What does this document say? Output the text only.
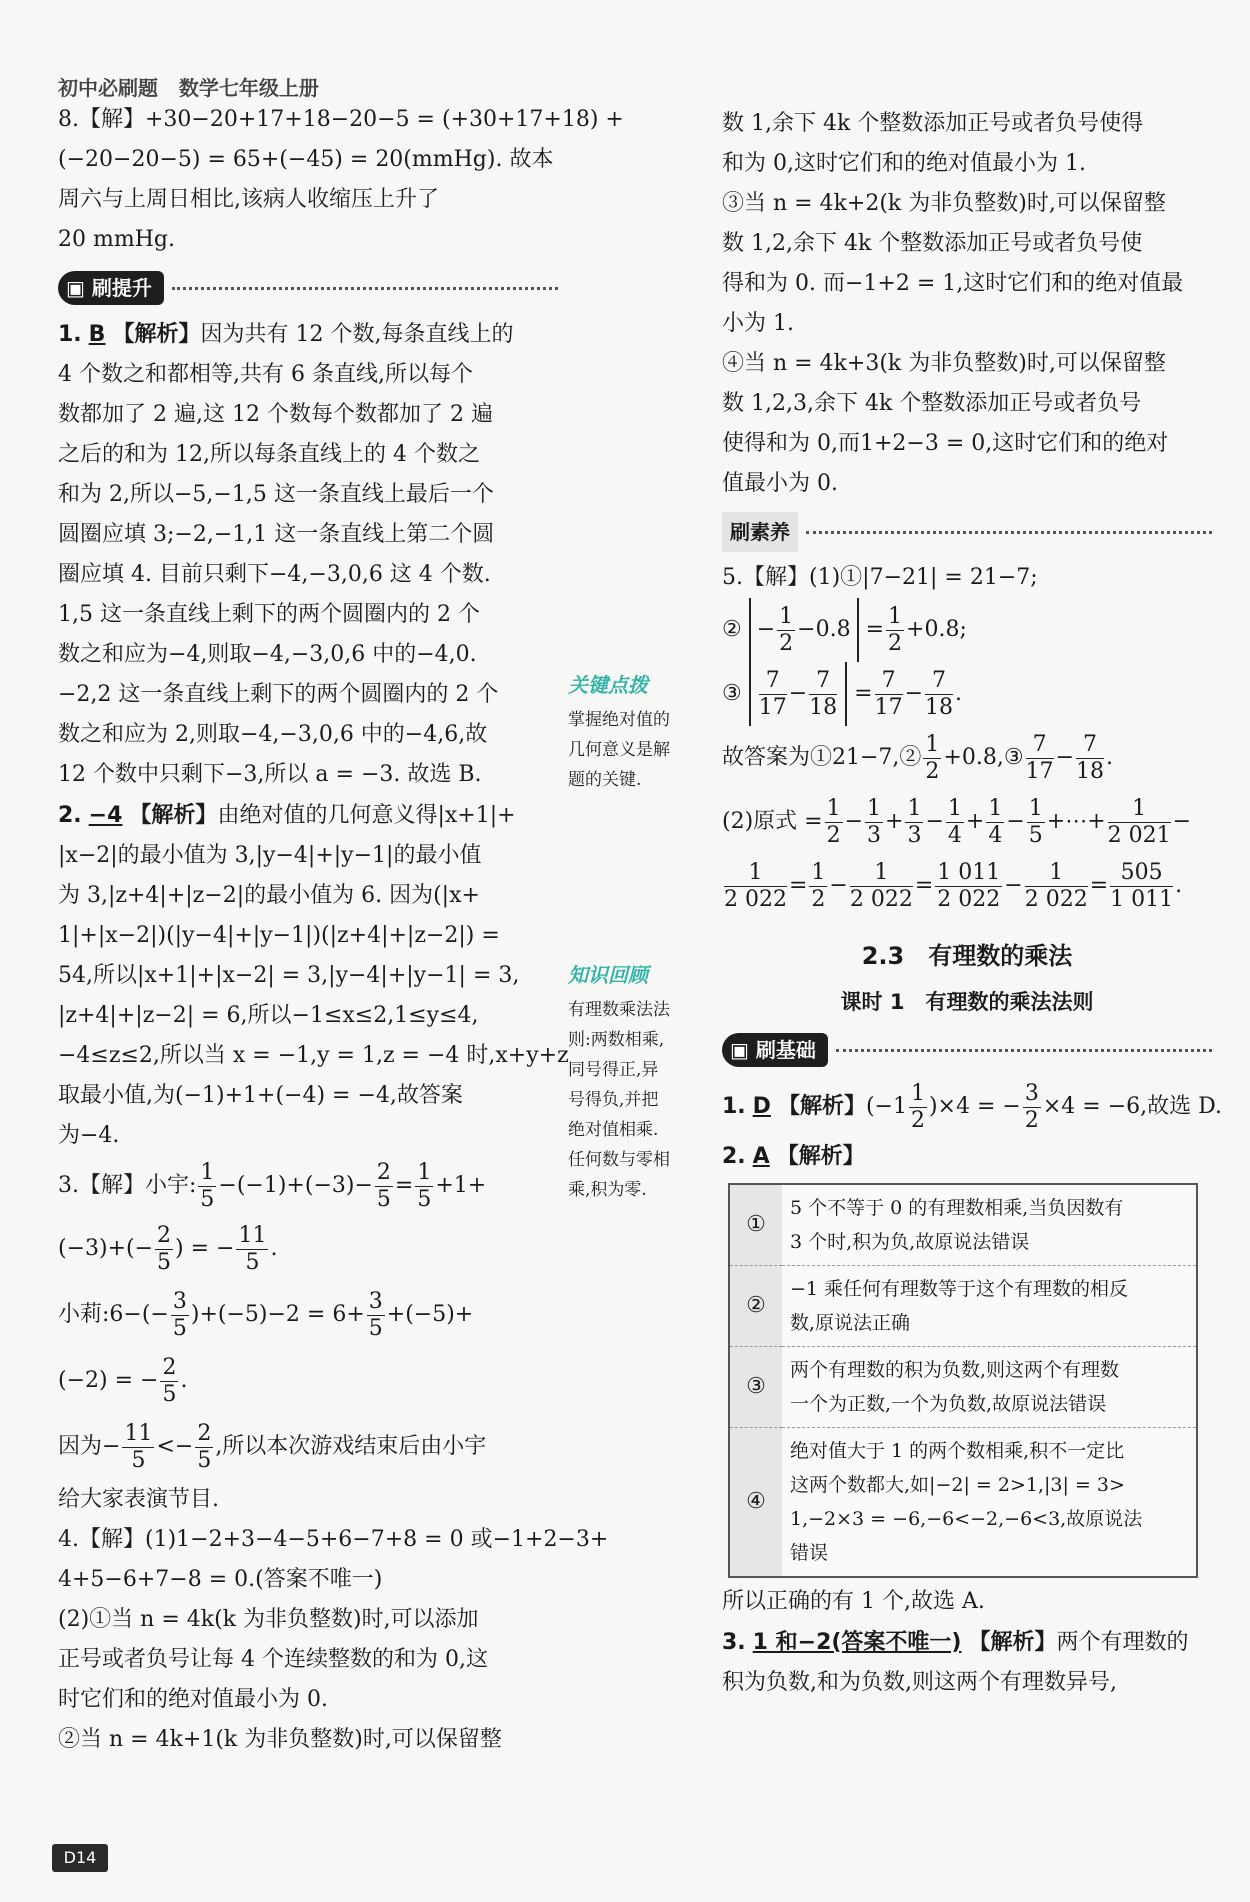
初中必刷题 数学七年级上册

8.【解】+30−20+17+18−20−5 = (+30+17+18) +

(−20−20−5) = 65+(−45) = 20(mmHg). 故本

周六与上周日相比,该病人收缩压上升了

20 mmHg.

▣ 刷提升

1. B 【解析】因为共有 12 个数,每条直线上的

4 个数之和都相等,共有 6 条直线,所以每个

数都加了 2 遍,这 12 个数每个数都加了 2 遍

之后的和为 12,所以每条直线上的 4 个数之

和为 2,所以−5,−1,5 这一条直线上最后一个

圆圈应填 3;−2,−1,1 这一条直线上第二个圆

圈应填 4. 目前只剩下−4,−3,0,6 这 4 个数.

1,5 这一条直线上剩下的两个圆圈内的 2 个

数之和应为−4,则取−4,−3,0,6 中的−4,0.

−2,2 这一条直线上剩下的两个圆圈内的 2 个

数之和应为 2,则取−4,−3,0,6 中的−4,6,故

12 个数中只剩下−3,所以 a = −3. 故选 B.

2. −4 【解析】由绝对值的几何意义得|x+1|+

|x−2|的最小值为 3,|y−4|+|y−1|的最小值

为 3,|z+4|+|z−2|的最小值为 6. 因为(|x+

1|+|x−2|)(|y−4|+|y−1|)(|z+4|+|z−2|) =

54,所以|x+1|+|x−2| = 3,|y−4|+|y−1| = 3,

|z+4|+|z−2| = 6,所以−1≤x≤2,1≤y≤4,

−4≤z≤2,所以当 x = −1,y = 1,z = −4 时,x+y+z

取最小值,为(−1)+1+(−4) = −4,故答案

为−4.

3.【解】小宇: $\frac{1}{5} -(-1)+(-3)- \frac{2}{5} = \frac{1}{5} +1+$

$(-3)+(- \frac{2}{5}$ ) = − $\frac{11}{5}$ .

小莉:6−(− $\frac{3}{5} )+(-5)-2 = 6+ \frac{3}{5} +(-5)+$

(−2) = − $\frac{2}{5}$ .

因为− $\frac{11}{5} <- \frac{2}{5}$ ,所以本次游戏结束后由小宇

给大家表演节目.

4.【解】(1)1−2+3−4−5+6−7+8 = 0 或−1+2−3+

4+5−6+7−8 = 0.(答案不唯一)

(2)①当 n = 4k(k 为非负整数)时,可以添加

正号或者负号让每 4 个连续整数的和为 0,这

时它们和的绝对值最小为 0.

②当 n = 4k+1(k 为非负整数)时,可以保留整

关键点拨
掌握绝对值的
几何意义是解
题的关键.
知识回顾
有理数乘法法
则:两数相乘,
同号得正,异
号得负,并把
绝对值相乘.
任何数与零相
乘,积为零.

数 1,余下 4k 个整数添加正号或者负号使得

和为 0,这时它们和的绝对值最小为 1.

③当 n = 4k+2(k 为非负整数)时,可以保留整

数 1,2,余下 4k 个整数添加正号或者负号使

得和为 0. 而−1+2 = 1,这时它们和的绝对值最

小为 1.

④当 n = 4k+3(k 为非负整数)时,可以保留整

数 1,2,3,余下 4k 个整数添加正号或者负号

使得和为 0,而1+2−3 = 0,这时它们和的绝对

值最小为 0.

刷素养

5.【解】(1)①|7−21| = 21−7;

② − $\frac{1}{2} -0.8 = \frac{1}{2} +0.8$;

③ $\frac{7}{17} - \frac{7}{18} = \frac{7}{17} - \frac{7}{18}$ .

故答案为①21−7,② $\frac{1}{2}$ +0.8,③ $\frac{7}{17} - \frac{7}{18}$ .

(2)原式 = $\frac{1}{2} - \frac{1}{3} + \frac{1}{3} - \frac{1}{4} + \frac{1}{4} - \frac{1}{5}$ +⋯+ $\frac{1}{2 021}$ −

$\frac{1}{2 022} = \frac{1}{2} - \frac{1}{2 022} = \frac{1 011}{2 022} - \frac{1}{2 022} = \frac{505}{1 011}$ .

2.3　有理数的乘法
课时 1　有理数的乘法法则
▣ 刷基础

1. D 【解析】$(-1 \frac{1}{2} )\times 4$ = − $\frac{3}{2} \times 4 = -6$,故选 D.

2. A 【解析】

①	5 个不等于 0 的有理数相乘,当负因数有
3 个时,积为负,故原说法错误

②	−1 乘任何有理数等于这个有理数的相反
数,原说法正确

③	两个有理数的积为负数,则这两个有理数
一个为正数,一个为负数,故原说法错误

④	绝对值大于 1 的两个数相乘,积不一定比
这两个数都大,如|−2| = 2>1,|3| = 3>
1,−2×3 = −6,−6<−2,−6<3,故原说法
错误

所以正确的有 1 个,故选 A.

3. 1 和−2(答案不唯一) 【解析】两个有理数的

积为负数,和为负数,则这两个有理数异号,

D14
